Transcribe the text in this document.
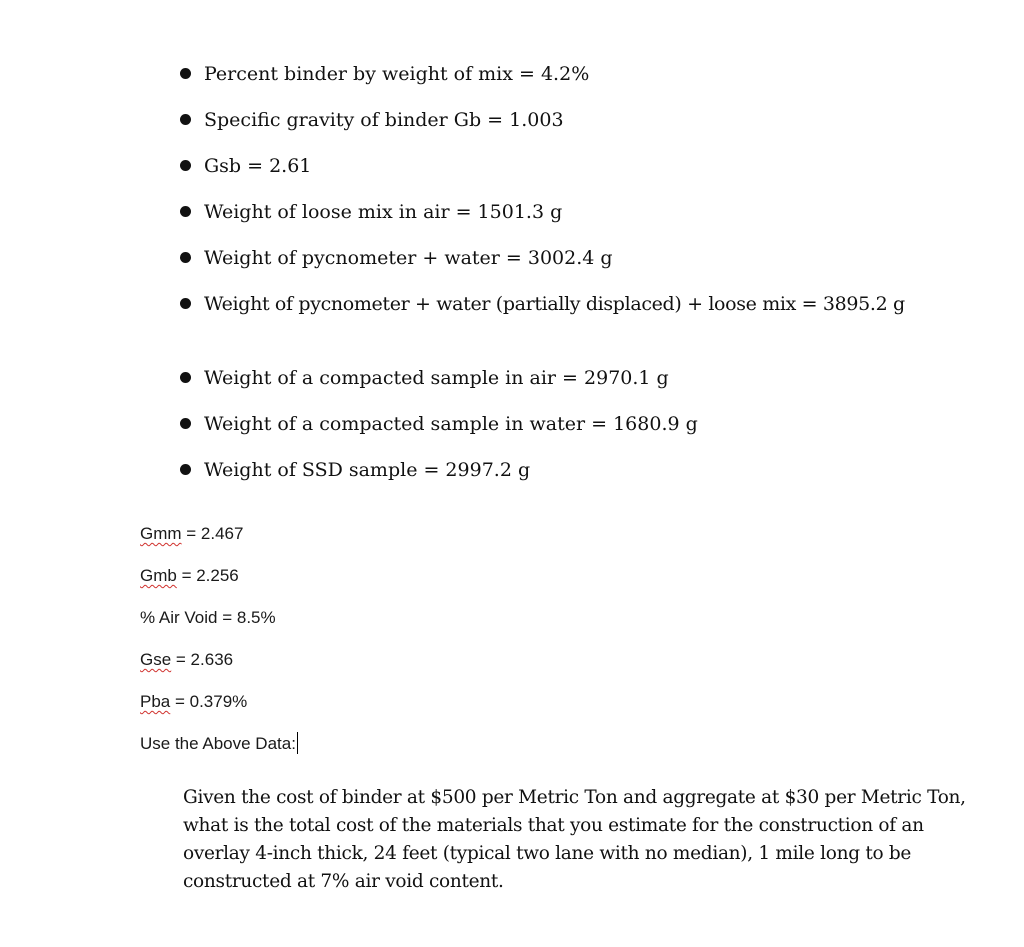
Percent binder by weight of mix = 4.2%
Specific gravity of binder Gb = 1.003
Gsb = 2.61
Weight of loose mix in air = 1501.3 g
Weight of pycnometer + water = 3002.4 g
Weight of pycnometer + water (partially displaced) + loose mix = 3895.2 g
Weight of a compacted sample in air = 2970.1 g
Weight of a compacted sample in water = 1680.9 g
Weight of SSD sample = 2997.2 g
Gmm = 2.467
Gmb = 2.256
% Air Void = 8.5%
Gse = 2.636
Pba = 0.379%
Use the Above Data:

Given the cost of binder at $500 per Metric Ton and aggregate at $30 per Metric Ton, what is the total cost of the materials that you estimate for the construction of an overlay 4-inch thick, 24 feet (typical two lane with no median), 1 mile long to be constructed at 7% air void content.
